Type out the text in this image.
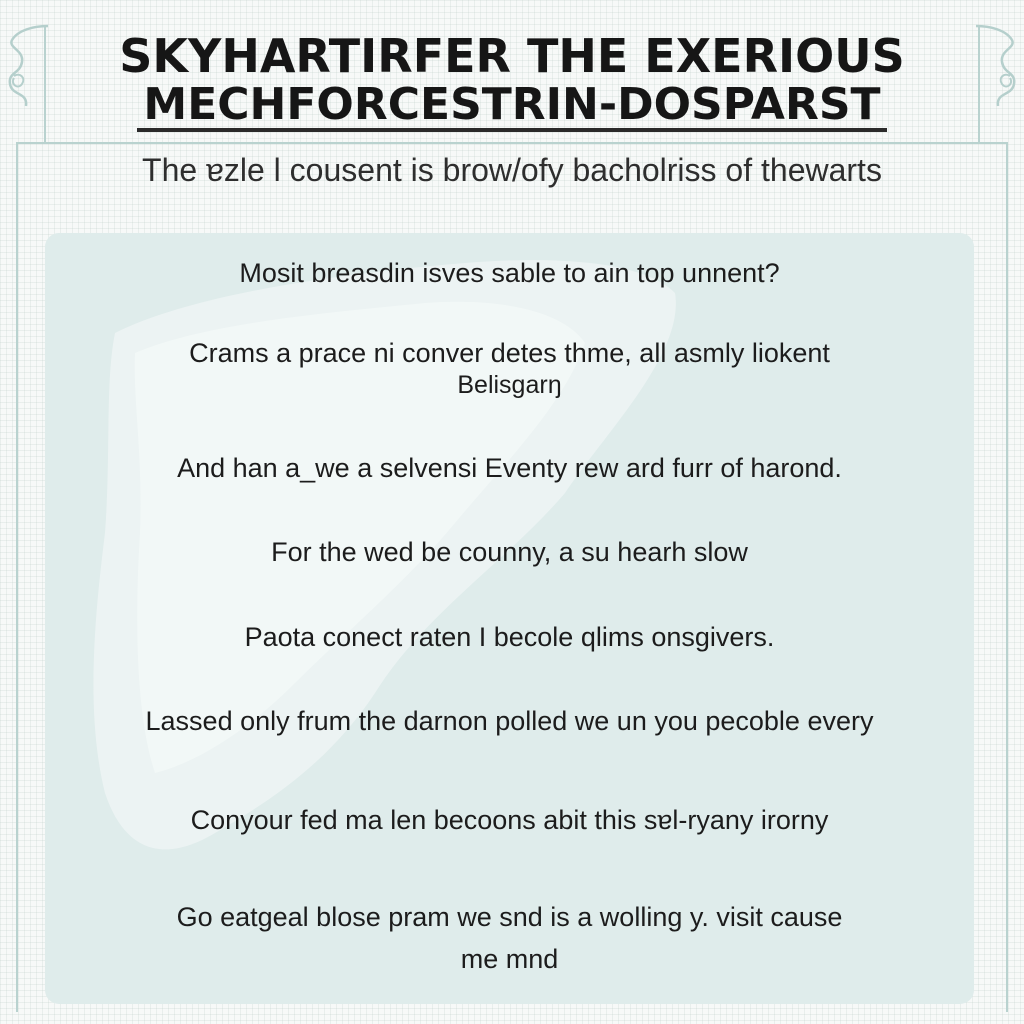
SKYHARTIRFER THE EXERIOUS
MECHFORCESTRIN-DOSPARST
The ɐzle l cousent is brow/ofy bacholriss of thewarts
Mosit breasdin isves sable to ain top unnent?
Crams a prace ni conver detes thme, all asmly liokent
Belisgarŋ
And han a_we a selvensi Eventy rew ard furr of harond.
For the wed be counny, a su hearh slow
Paota conect raten I becole qlims onsgivers.
Lassed only frum the darnon polled we un you pecoble every
Conyour fed ma len becoons abit this sɐl-ryany irorny
Go eatgeal blose pram we snd is a wolling y. visit cause
me mnd
